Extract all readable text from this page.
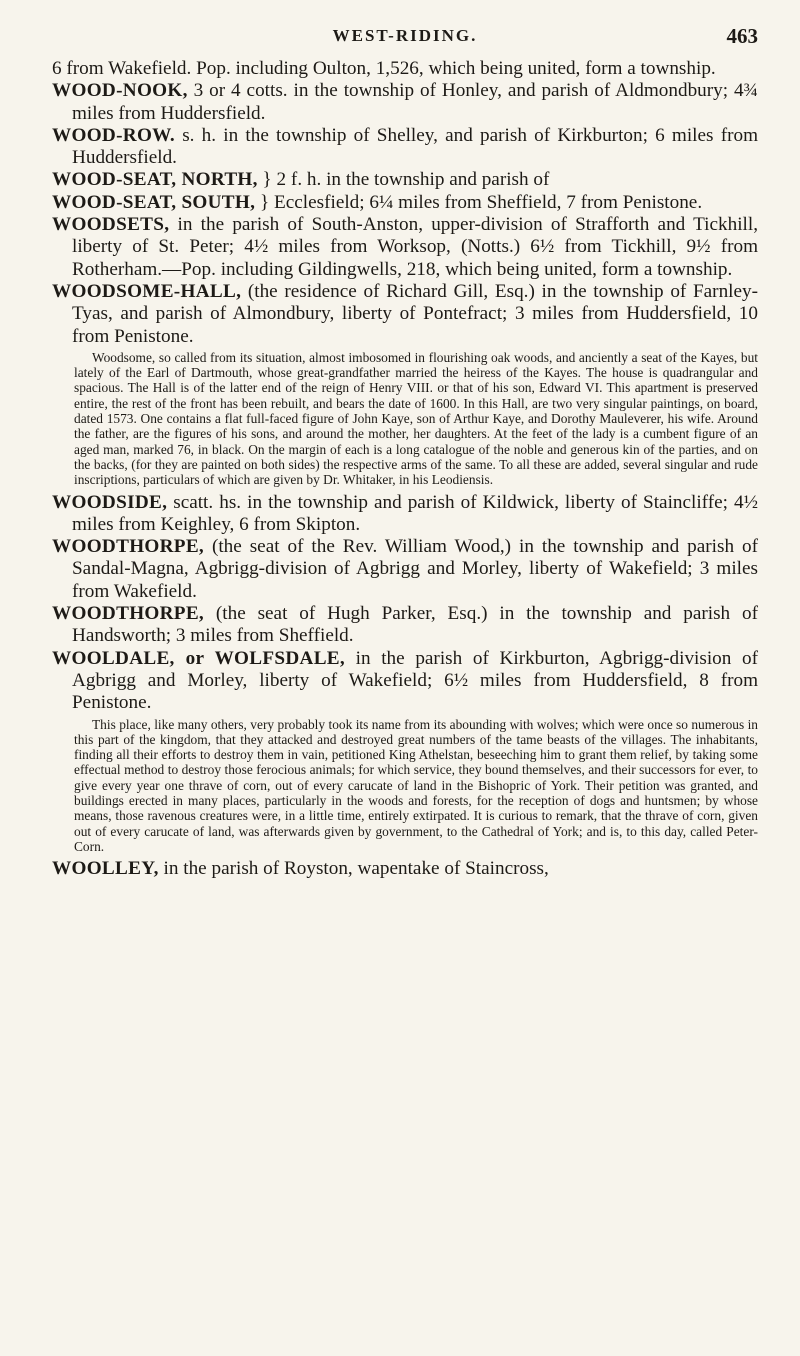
WEST-RIDING.	463

6 from Wakefield. Pop. including Oulton, 1,526, which being united, form a township.

WOOD-NOOK, 3 or 4 cotts. in the township of Honley, and parish of Aldmondbury; 4¾ miles from Huddersfield.

WOOD-ROW. s. h. in the township of Shelley, and parish of Kirkburton; 6 miles from Huddersfield.

WOOD-SEAT, NORTH, } 2 f. h. in the township and parish of

WOOD-SEAT, SOUTH, } Ecclesfield; 6¼ miles from Sheffield, 7 from Penistone.

WOODSETS, in the parish of South-Anston, upper-division of Strafforth and Tickhill, liberty of St. Peter; 4½ miles from Worksop, (Notts.) 6½ from Tickhill, 9½ from Rotherham.—Pop. including Gildingwells, 218, which being united, form a township.

WOODSOME-HALL, (the residence of Richard Gill, Esq.) in the township of Farnley-Tyas, and parish of Almondbury, liberty of Pontefract; 3 miles from Huddersfield, 10 from Penistone.

Woodsome, so called from its situation, almost imbosomed in flourishing oak woods, and anciently a seat of the Kayes, but lately of the Earl of Dartmouth, whose great-grandfather married the heiress of the Kayes. The house is quadrangular and spacious. The Hall is of the latter end of the reign of Henry VIII. or that of his son, Edward VI. This apartment is preserved entire, the rest of the front has been rebuilt, and bears the date of 1600. In this Hall, are two very singular paintings, on board, dated 1573. One contains a flat full-faced figure of John Kaye, son of Arthur Kaye, and Dorothy Mauleverer, his wife. Around the father, are the figures of his sons, and around the mother, her daughters. At the feet of the lady is a cumbent figure of an aged man, marked 76, in black. On the margin of each is a long catalogue of the noble and generous kin of the parties, and on the backs, (for they are painted on both sides) the respective arms of the same. To all these are added, several singular and rude inscriptions, particulars of which are given by Dr. Whitaker, in his Leodiensis.

WOODSIDE, scatt. hs. in the township and parish of Kildwick, liberty of Staincliffe; 4½ miles from Keighley, 6 from Skipton.

WOODTHORPE, (the seat of the Rev. William Wood,) in the township and parish of Sandal-Magna, Agbrigg-division of Agbrigg and Morley, liberty of Wakefield; 3 miles from Wakefield.

WOODTHORPE, (the seat of Hugh Parker, Esq.) in the township and parish of Handsworth; 3 miles from Sheffield.

WOOLDALE, or WOLFSDALE, in the parish of Kirkburton, Agbrigg-division of Agbrigg and Morley, liberty of Wakefield; 6½ miles from Huddersfield, 8 from Penistone.

This place, like many others, very probably took its name from its abounding with wolves; which were once so numerous in this part of the kingdom, that they attacked and destroyed great numbers of the tame beasts of the villages. The inhabitants, finding all their efforts to destroy them in vain, petitioned King Athelstan, beseeching him to grant them relief, by taking some effectual method to destroy those ferocious animals; for which service, they bound themselves, and their successors for ever, to give every year one thrave of corn, out of every carucate of land in the Bishopric of York. Their petition was granted, and buildings erected in many places, particularly in the woods and forests, for the reception of dogs and huntsmen; by whose means, those ravenous creatures were, in a little time, entirely extirpated. It is curious to remark, that the thrave of corn, given out of every carucate of land, was afterwards given by government, to the Cathedral of York; and is, to this day, called Peter-Corn.

WOOLLEY, in the parish of Royston, wapentake of Staincross,
